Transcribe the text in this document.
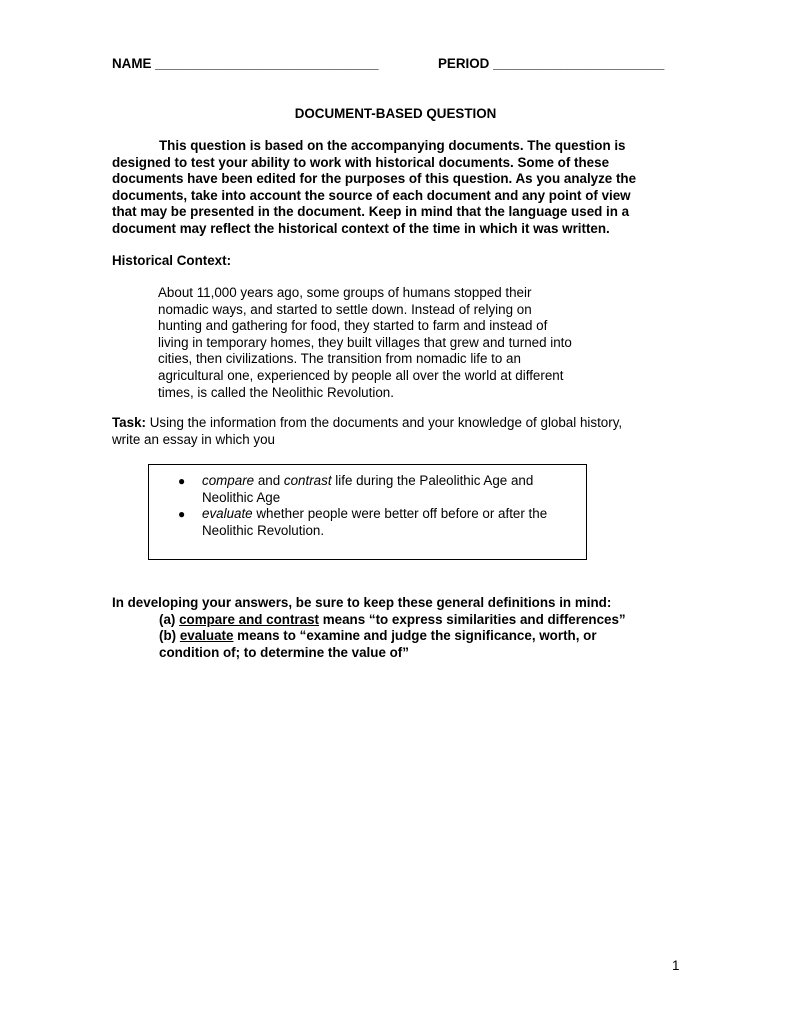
NAME ______________________________	PERIOD _______________________
DOCUMENT-BASED QUESTION
This question is based on the accompanying documents. The question is
designed to test your ability to work with historical documents. Some of these
documents have been edited for the purposes of this question. As you analyze the
documents, take into account the source of each document and any point of view
that may be presented in the document. Keep in mind that the language used in a
document may reflect the historical context of the time in which it was written.
Historical Context:
About 11,000 years ago, some groups of humans stopped their
nomadic ways, and started to settle down. Instead of relying on
hunting and gathering for food, they started to farm and instead of
living in temporary homes, they built villages that grew and turned into
cities, then civilizations. The transition from nomadic life to an
agricultural one, experienced by people all over the world at different
times, is called the Neolithic Revolution.
Task: Using the information from the documents and your knowledge of global history,
write an essay in which you
● compare and contrast life during the Paleolithic Age and
Neolithic Age
● evaluate whether people were better off before or after the
Neolithic Revolution.
In developing your answers, be sure to keep these general definitions in mind:
(a) compare and contrast means “to express similarities and differences”
(b) evaluate means to “examine and judge the significance, worth, or
condition of; to determine the value of”
1
